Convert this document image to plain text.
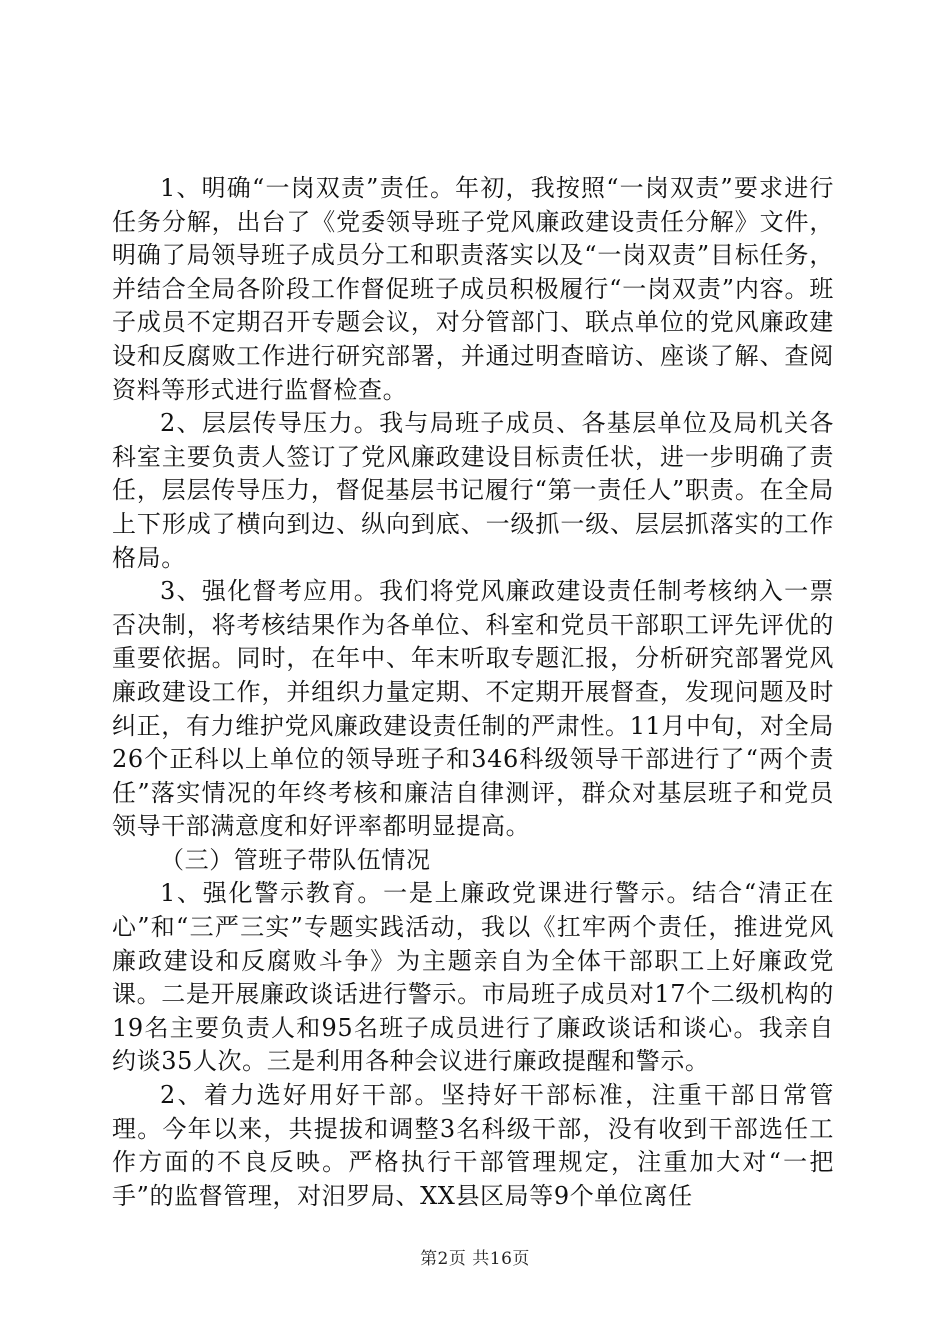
1、明确“一岗双责”责任。年初，我按照“一岗双责”要求进行任务分解，出台了《党委领导班子党风廉政建设责任分解》文件，明确了局领导班子成员分工和职责落实以及“一岗双责”目标任务，并结合全局各阶段工作督促班子成员积极履行“一岗双责”内容。班子成员不定期召开专题会议，对分管部门、联点单位的党风廉政建设和反腐败工作进行研究部署，并通过明查暗访、座谈了解、查阅资料等形式进行监督检查。

2、层层传导压力。我与局班子成员、各基层单位及局机关各科室主要负责人签订了党风廉政建设目标责任状，进一步明确了责任，层层传导压力，督促基层书记履行“第一责任人”职责。在全局上下形成了横向到边、纵向到底、一级抓一级、层层抓落实的工作格局。

3、强化督考应用。我们将党风廉政建设责任制考核纳入一票否决制，将考核结果作为各单位、科室和党员干部职工评先评优的重要依据。同时，在年中、年末听取专题汇报，分析研究部署党风廉政建设工作，并组织力量定期、不定期开展督查，发现问题及时纠正，有力维护党风廉政建设责任制的严肃性。11月中旬，对全局26个正科以上单位的领导班子和346科级领导干部进行了“两个责任”落实情况的年终考核和廉洁自律测评，群众对基层班子和党员领导干部满意度和好评率都明显提高。

（三）管班子带队伍情况

1、强化警示教育。一是上廉政党课进行警示。结合“清正在心”和“三严三实”专题实践活动，我以《扛牢两个责任，推进党风廉政建设和反腐败斗争》为主题亲自为全体干部职工上好廉政党课。二是开展廉政谈话进行警示。市局班子成员对17个二级机构的19名主要负责人和95名班子成员进行了廉政谈话和谈心。我亲自约谈35人次。三是利用各种会议进行廉政提醒和警示。

2、着力选好用好干部。坚持好干部标准，注重干部日常管理。今年以来，共提拔和调整3名科级干部，没有收到干部选任工作方面的不良反映。严格执行干部管理规定，注重加大对“一把手”的监督管理，对汨罗局、XX县区局等9个单位离任

第2页 共16页
